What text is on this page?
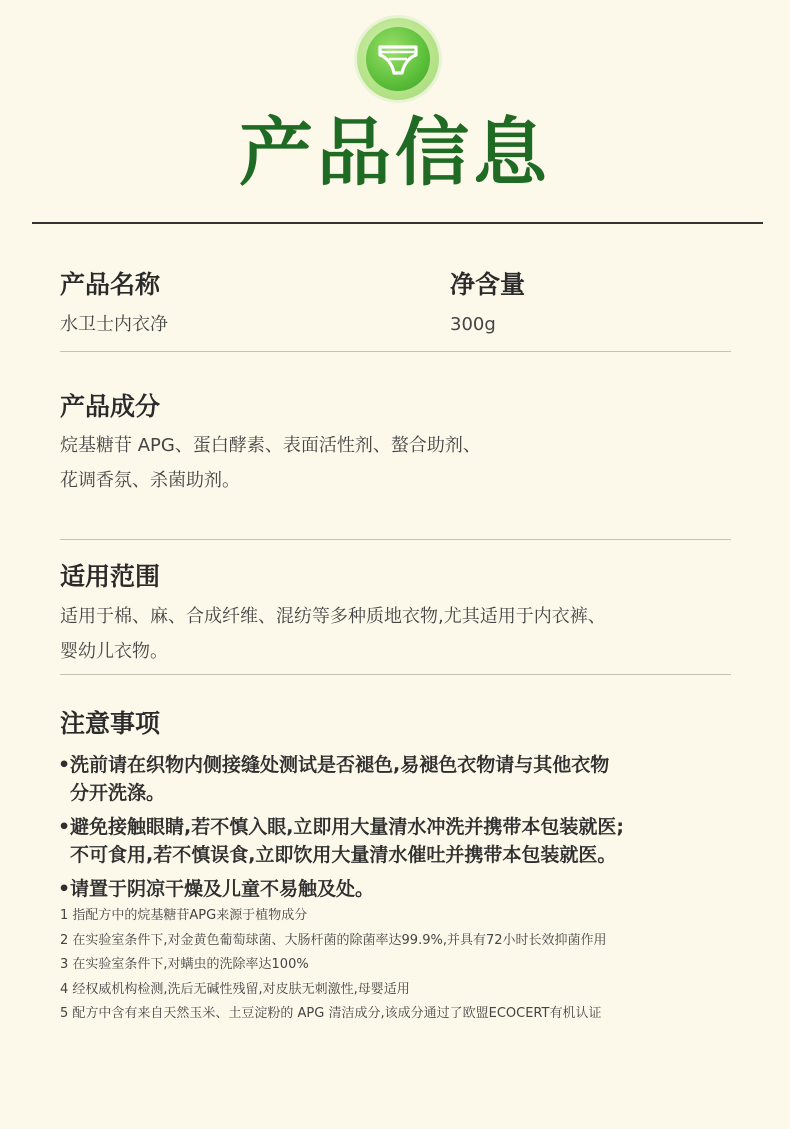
产品信息
产品名称
水卫士内衣净
净含量
300g
产品成分
烷基糖苷 APG、蛋白酵素、表面活性剂、螯合助剂、
花调香氛、杀菌助剂。
适用范围
适用于棉、麻、合成纤维、混纺等多种质地衣物,尤其适用于内衣裤、
婴幼儿衣物。
注意事项
• 洗前请在织物内侧接缝处测试是否褪色,易褪色衣物请与其他衣物
分开洗涤。
• 避免接触眼睛,若不慎入眼,立即用大量清水冲洗并携带本包装就医;
不可食用,若不慎误食,立即饮用大量清水催吐并携带本包装就医。
• 请置于阴凉干燥及儿童不易触及处。
1 指配方中的烷基糖苷APG来源于植物成分
2 在实验室条件下,对金黄色葡萄球菌、大肠杆菌的除菌率达99.9%,并具有72小时长效抑菌作用
3 在实验室条件下,对螨虫的洗除率达100%
4 经权威机构检测,洗后无碱性残留,对皮肤无刺激性,母婴适用
5 配方中含有来自天然玉米、土豆淀粉的 APG 清洁成分,该成分通过了欧盟ECOCERT有机认证
